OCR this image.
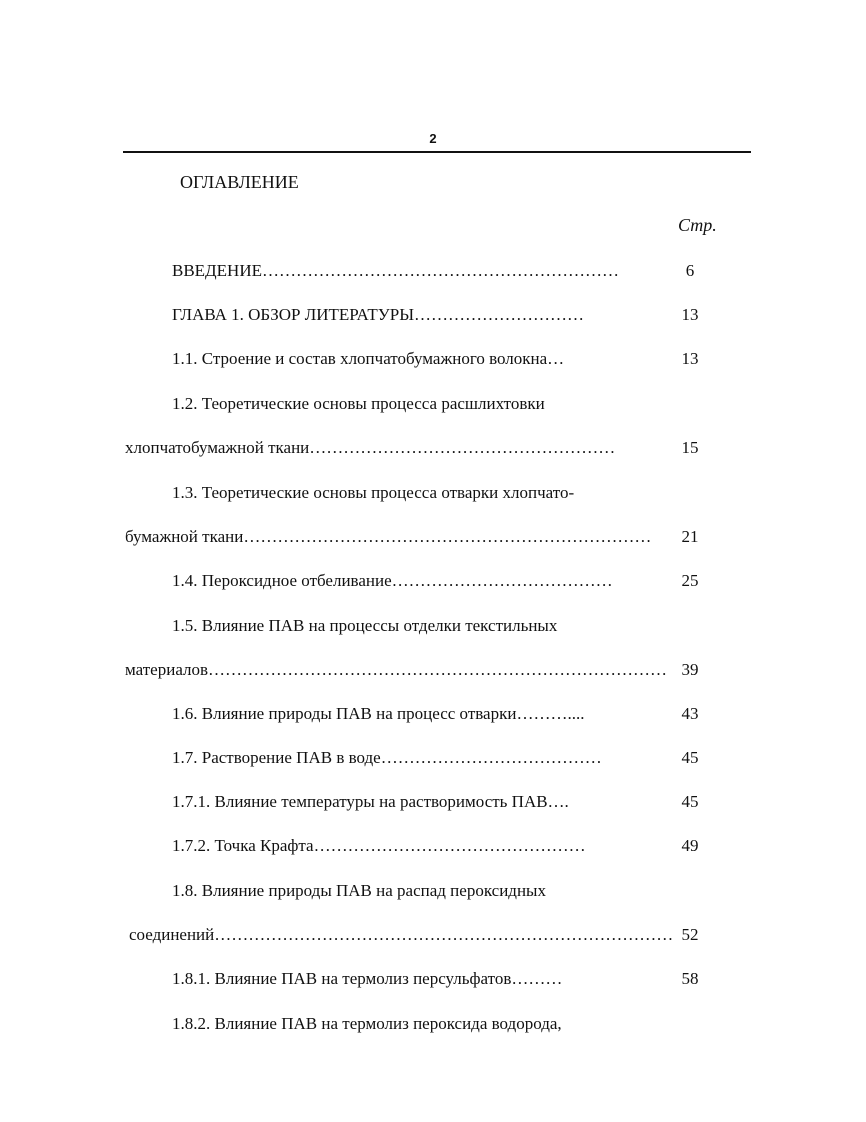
2
ОГЛАВЛЕНИЕ
Стр.
ВВЕДЕНИЕ………………………………………………………	6
ГЛАВА 1. ОБЗОР ЛИТЕРАТУРЫ…………………………	13
1.1. Строение и состав хлопчатобумажного волокна…	13
1.2. Теоретические основы процесса расшлихтовки
хлопчатобумажной ткани………………………………………………	15
1.3. Теоретические основы процесса отварки хлопчато-
бумажной ткани………………………………………………………………	21
1.4. Пероксидное отбеливание…………………………………	25
1.5. Влияние ПАВ на процессы отделки текстильных
материалов……………………………………………………………………… 39
1.6. Влияние природы ПАВ на процесс отварки………....	43
1.7. Растворение ПАВ в воде…………………………………	45
1.7.1. Влияние температуры на растворимость ПАВ….	45
1.7.2. Точка Крафта…………………………………………	49
1.8. Влияние природы ПАВ на распад пероксидных
соединений……………………………………………………………………… 52
1.8.1. Влияние ПАВ на термолиз персульфатов………	58
1.8.2. Влияние ПАВ на термолиз пероксида водорода,
